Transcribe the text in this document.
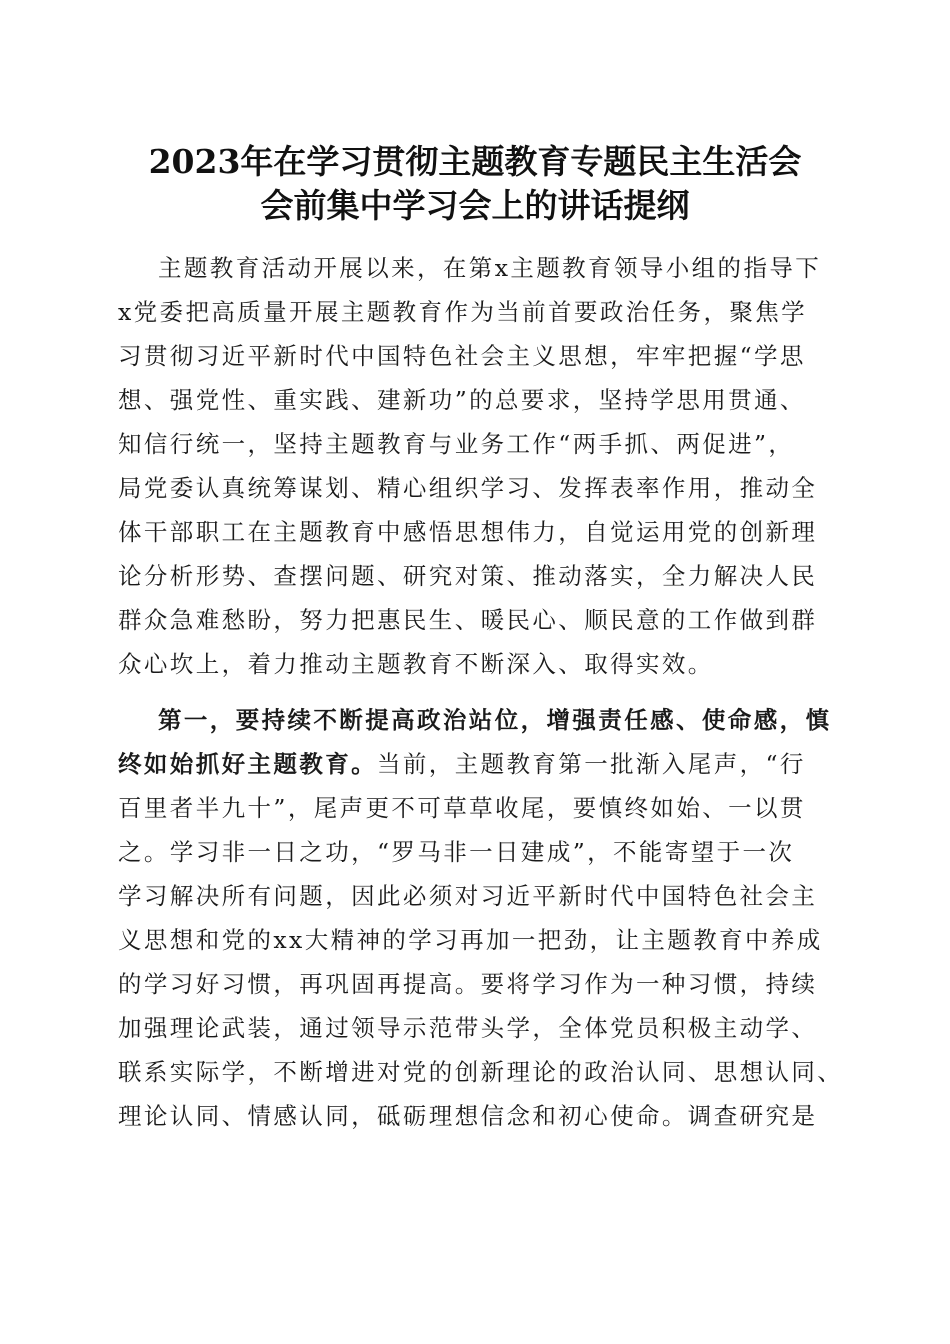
2023年在学习贯彻主题教育专题民主生活会
会前集中学习会上的讲话提纲
主题教育活动开展以来，在第x主题教育领导小组的指导下
x党委把高质量开展主题教育作为当前首要政治任务，聚焦学
习贯彻习近平新时代中国特色社会主义思想，牢牢把握“学思
想、强党性、重实践、建新功”的总要求，坚持学思用贯通、
知信行统一，坚持主题教育与业务工作“两手抓、两促进”，
局党委认真统筹谋划、精心组织学习、发挥表率作用，推动全
体干部职工在主题教育中感悟思想伟力，自觉运用党的创新理
论分析形势、查摆问题、研究对策、推动落实，全力解决人民
群众急难愁盼，努力把惠民生、暖民心、顺民意的工作做到群
众心坎上，着力推动主题教育不断深入、取得实效。
第一，要持续不断提高政治站位，增强责任感、使命感，慎
终如始抓好主题教育。当前，主题教育第一批渐入尾声，“行
百里者半九十”，尾声更不可草草收尾，要慎终如始、一以贯
之。学习非一日之功，“罗马非一日建成”，不能寄望于一次
学习解决所有问题，因此必须对习近平新时代中国特色社会主
义思想和党的xx大精神的学习再加一把劲，让主题教育中养成
的学习好习惯，再巩固再提高。要将学习作为一种习惯，持续
加强理论武装，通过领导示范带头学，全体党员积极主动学、
联系实际学，不断增进对党的创新理论的政治认同、思想认同、
理论认同、情感认同，砥砺理想信念和初心使命。调查研究是
